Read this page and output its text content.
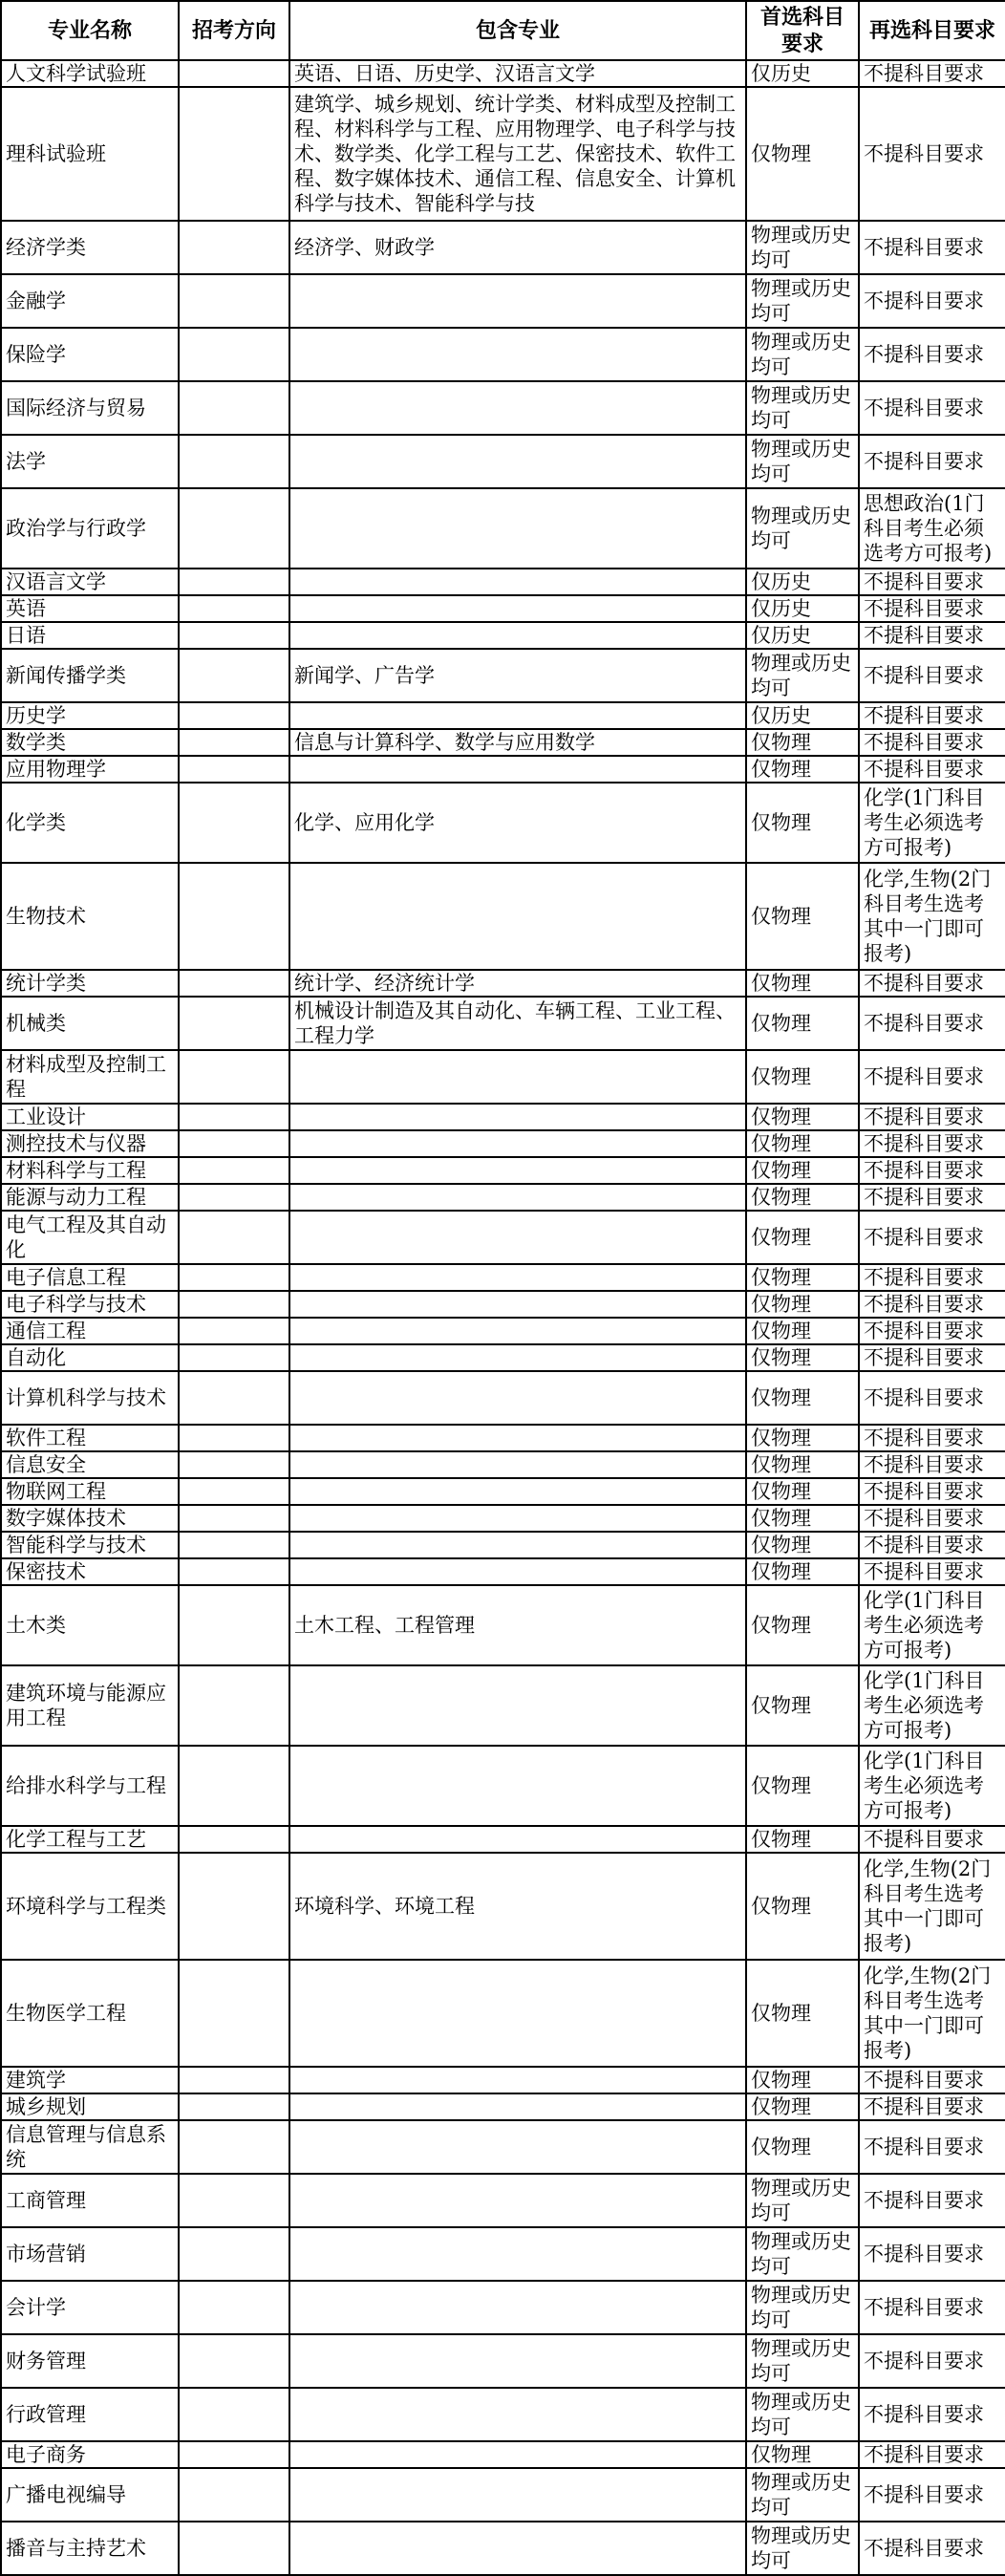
专业名称	招考方向	包含专业	首选科目要求	再选科目要求
人文科学试验班		英语、日语、历史学、汉语言文学	仅历史	不提科目要求
理科试验班		建筑学、城乡规划、统计学类、材料成型及控制工程、材料科学与工程、应用物理学、电子科学与技术、数学类、化学工程与工艺、保密技术、软件工程、数字媒体技术、通信工程、信息安全、计算机科学与技术、智能科学与技	仅物理	不提科目要求
经济学类		经济学、财政学	物理或历史均可	不提科目要求
金融学			物理或历史均可	不提科目要求
保险学			物理或历史均可	不提科目要求
国际经济与贸易			物理或历史均可	不提科目要求
法学			物理或历史均可	不提科目要求
政治学与行政学			物理或历史均可	思想政治(1门科目考生必须选考方可报考)
汉语言文学			仅历史	不提科目要求
英语			仅历史	不提科目要求
日语			仅历史	不提科目要求
新闻传播学类		新闻学、广告学	物理或历史均可	不提科目要求
历史学			仅历史	不提科目要求
数学类		信息与计算科学、数学与应用数学	仅物理	不提科目要求
应用物理学			仅物理	不提科目要求
化学类		化学、应用化学	仅物理	化学(1门科目考生必须选考方可报考)
生物技术			仅物理	化学,生物(2门科目考生选考其中一门即可报考)
统计学类		统计学、经济统计学	仅物理	不提科目要求
机械类		机械设计制造及其自动化、车辆工程、工业工程、工程力学	仅物理	不提科目要求
材料成型及控制工程			仅物理	不提科目要求
工业设计			仅物理	不提科目要求
测控技术与仪器			仅物理	不提科目要求
材料科学与工程			仅物理	不提科目要求
能源与动力工程			仅物理	不提科目要求
电气工程及其自动化			仅物理	不提科目要求
电子信息工程			仅物理	不提科目要求
电子科学与技术			仅物理	不提科目要求
通信工程			仅物理	不提科目要求
自动化			仅物理	不提科目要求
计算机科学与技术			仅物理	不提科目要求
软件工程			仅物理	不提科目要求
信息安全			仅物理	不提科目要求
物联网工程			仅物理	不提科目要求
数字媒体技术			仅物理	不提科目要求
智能科学与技术			仅物理	不提科目要求
保密技术			仅物理	不提科目要求
土木类		土木工程、工程管理	仅物理	化学(1门科目考生必须选考方可报考)
建筑环境与能源应用工程			仅物理	化学(1门科目考生必须选考方可报考)
给排水科学与工程			仅物理	化学(1门科目考生必须选考方可报考)
化学工程与工艺			仅物理	不提科目要求
环境科学与工程类		环境科学、环境工程	仅物理	化学,生物(2门科目考生选考其中一门即可报考)
生物医学工程			仅物理	化学,生物(2门科目考生选考其中一门即可报考)
建筑学			仅物理	不提科目要求
城乡规划			仅物理	不提科目要求
信息管理与信息系统			仅物理	不提科目要求
工商管理			物理或历史均可	不提科目要求
市场营销			物理或历史均可	不提科目要求
会计学			物理或历史均可	不提科目要求
财务管理			物理或历史均可	不提科目要求
行政管理			物理或历史均可	不提科目要求
电子商务			仅物理	不提科目要求
广播电视编导			物理或历史均可	不提科目要求
播音与主持艺术			物理或历史均可	不提科目要求
